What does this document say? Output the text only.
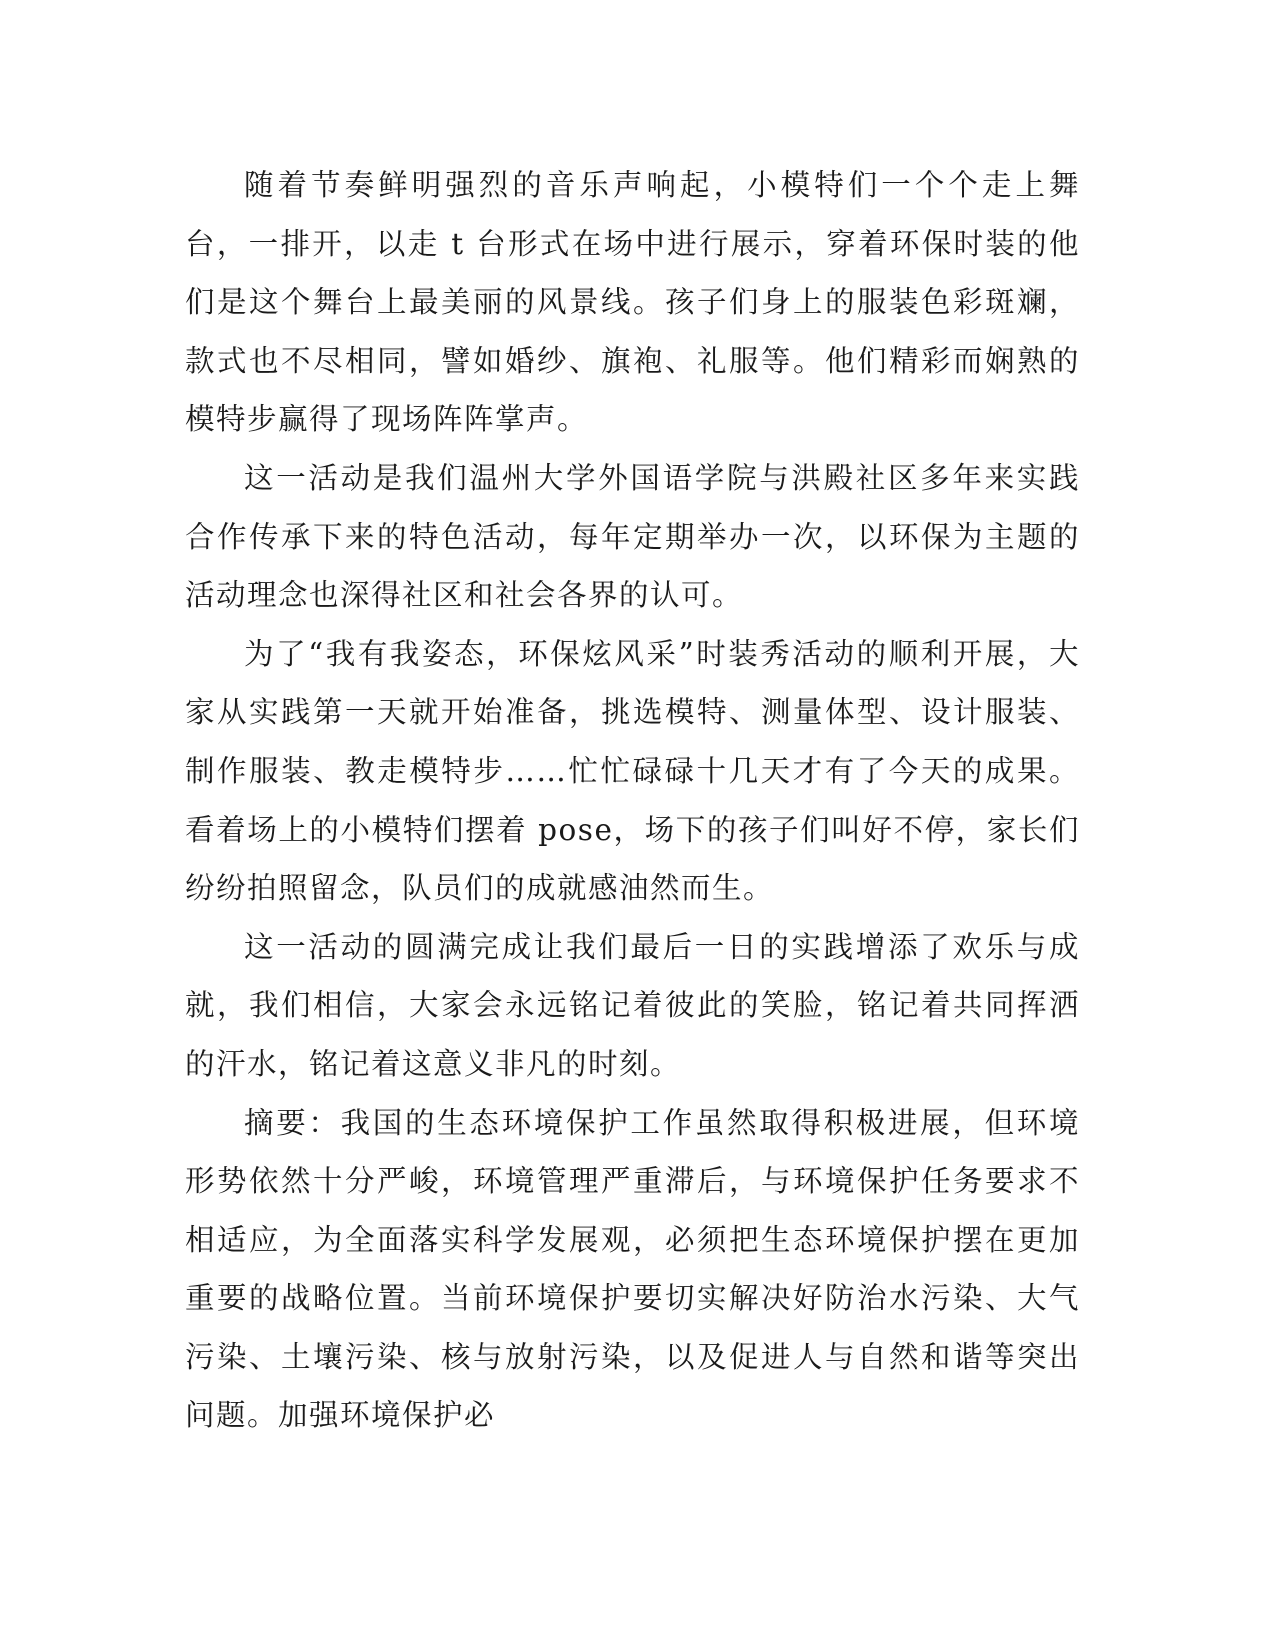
随着节奏鲜明强烈的音乐声响起，小模特们一个个走上舞台，一排开，以走 t 台形式在场中进行展示，穿着环保时装的他们是这个舞台上最美丽的风景线。孩子们身上的服装色彩斑斓，款式也不尽相同，譬如婚纱、旗袍、礼服等。他们精彩而娴熟的模特步赢得了现场阵阵掌声。

这一活动是我们温州大学外国语学院与洪殿社区多年来实践合作传承下来的特色活动，每年定期举办一次，以环保为主题的活动理念也深得社区和社会各界的认可。

为了“我有我姿态，环保炫风采”时装秀活动的顺利开展，大家从实践第一天就开始准备，挑选模特、测量体型、设计服装、制作服装、教走模特步……忙忙碌碌十几天才有了今天的成果。看着场上的小模特们摆着 pose，场下的孩子们叫好不停，家长们纷纷拍照留念，队员们的成就感油然而生。

这一活动的圆满完成让我们最后一日的实践增添了欢乐与成就，我们相信，大家会永远铭记着彼此的笑脸，铭记着共同挥洒的汗水，铭记着这意义非凡的时刻。

摘要：我国的生态环境保护工作虽然取得积极进展，但环境形势依然十分严峻，环境管理严重滞后，与环境保护任务要求不相适应，为全面落实科学发展观，必须把生态环境保护摆在更加重要的战略位置。当前环境保护要切实解决好防治水污染、大气污染、土壤污染、核与放射污染，以及促进人与自然和谐等突出问题。加强环境保护必
